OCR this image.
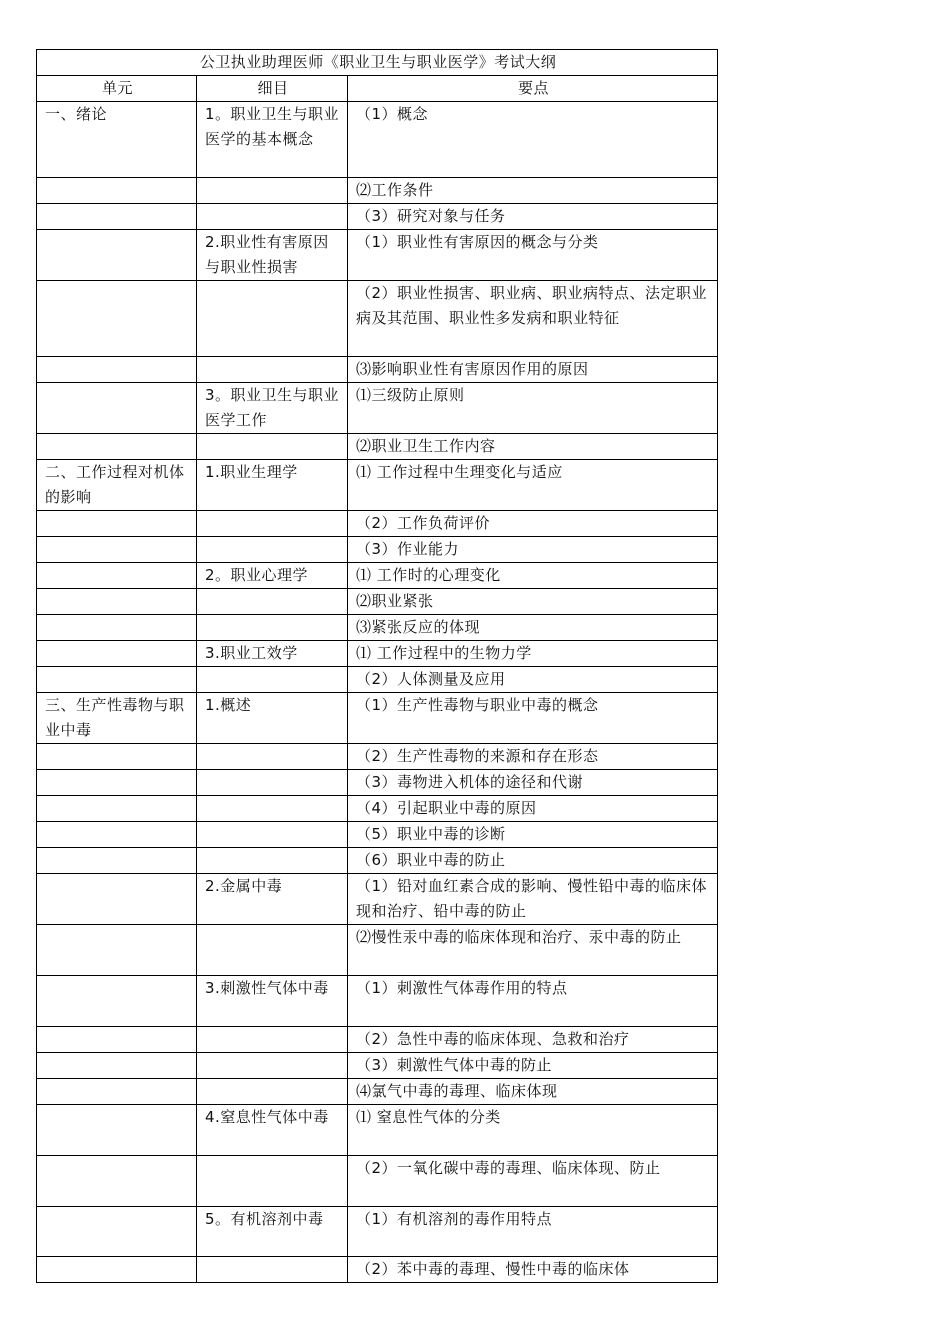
公卫执业助理医师《职业卫生与职业医学》考试大纲		
单元	细目	要点
一、绪论	1。职业卫生与职业医学的基本概念	（1）概念
		⑵工作条件
		（3）研究对象与任务
	2.职业性有害原因与职业性损害	（1）职业性有害原因的概念与分类
		（2）职业性损害、职业病、职业病特点、法定职业病及其范围、职业性多发病和职业特征
		⑶影响职业性有害原因作用的原因
	3。职业卫生与职业医学工作	⑴三级防止原则
		⑵职业卫生工作内容
二、工作过程对机体的影响	1.职业生理学	⑴ 工作过程中生理变化与适应
		（2）工作负荷评价
		（3）作业能力
	2。职业心理学	⑴ 工作时的心理变化
		⑵职业紧张
		⑶紧张反应的体现
	3.职业工效学	⑴ 工作过程中的生物力学
		（2）人体测量及应用
三、生产性毒物与职业中毒	1.概述	（1）生产性毒物与职业中毒的概念
		（2）生产性毒物的来源和存在形态
		（3）毒物进入机体的途径和代谢
		（4）引起职业中毒的原因
		（5）职业中毒的诊断
		（6）职业中毒的防止
	2.金属中毒	（1）铅对血红素合成的影响、慢性铅中毒的临床体现和治疗、铅中毒的防止
		⑵慢性汞中毒的临床体现和治疗、汞中毒的防止
	3.刺激性气体中毒	（1）刺激性气体毒作用的特点
		（2）急性中毒的临床体现、急救和治疗
		（3）刺激性气体中毒的防止
		⑷氯气中毒的毒理、临床体现
	4.窒息性气体中毒	⑴ 窒息性气体的分类
		（2）一氧化碳中毒的毒理、临床体现、防止
	5。有机溶剂中毒	（1）有机溶剂的毒作用特点
		（2）苯中毒的毒理、慢性中毒的临床体
